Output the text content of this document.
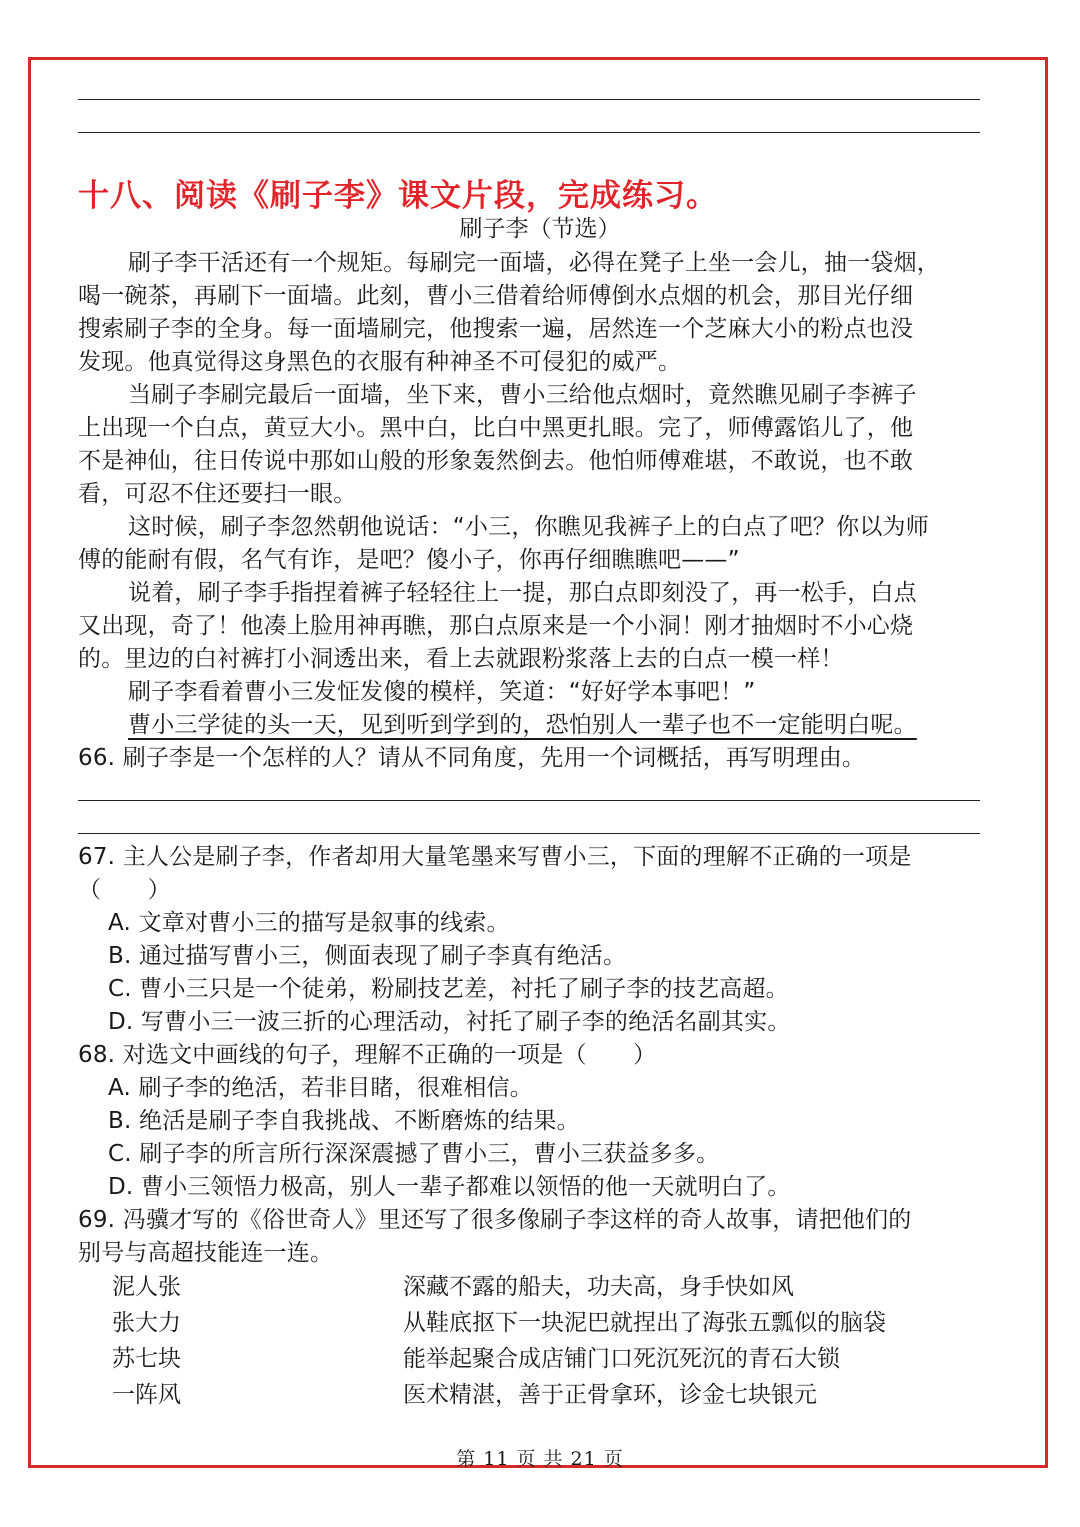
十八、阅读《刷子李》课文片段，完成练习。
刷子李（节选）
刷子李干活还有一个规矩。每刷完一面墙，必得在凳子上坐一会儿，抽一袋烟，
喝一碗茶，再刷下一面墙。此刻，曹小三借着给师傅倒水点烟的机会，那目光仔细
搜索刷子李的全身。每一面墙刷完，他搜索一遍，居然连一个芝麻大小的粉点也没
发现。他真觉得这身黑色的衣服有种神圣不可侵犯的威严。
当刷子李刷完最后一面墙，坐下来，曹小三给他点烟时，竟然瞧见刷子李裤子
上出现一个白点，黄豆大小。黑中白，比白中黑更扎眼。完了，师傅露馅儿了，他
不是神仙，往日传说中那如山般的形象轰然倒去。他怕师傅难堪，不敢说，也不敢
看，可忍不住还要扫一眼。
这时候，刷子李忽然朝他说话：“小三，你瞧见我裤子上的白点了吧？你以为师
傅的能耐有假，名气有诈，是吧？傻小子，你再仔细瞧瞧吧——”
说着，刷子李手指捏着裤子轻轻往上一提，那白点即刻没了，再一松手，白点
又出现，奇了！他凑上脸用神再瞧，那白点原来是一个小洞！刚才抽烟时不小心烧
的。里边的白衬裤打小洞透出来，看上去就跟粉浆落上去的白点一模一样！
刷子李看着曹小三发怔发傻的模样，笑道：“好好学本事吧！”
曹小三学徒的头一天，见到听到学到的，恐怕别人一辈子也不一定能明白呢。
66. 刷子李是一个怎样的人？请从不同角度，先用一个词概括，再写明理由。
67. 主人公是刷子李，作者却用大量笔墨来写曹小三，下面的理解不正确的一项是
（　　）
A. 文章对曹小三的描写是叙事的线索。
B. 通过描写曹小三，侧面表现了刷子李真有绝活。
C. 曹小三只是一个徒弟，粉刷技艺差，衬托了刷子李的技艺高超。
D. 写曹小三一波三折的心理活动，衬托了刷子李的绝活名副其实。
68. 对选文中画线的句子，理解不正确的一项是（　　）
A. 刷子李的绝活，若非目睹，很难相信。
B. 绝活是刷子李自我挑战、不断磨炼的结果。
C. 刷子李的所言所行深深震撼了曹小三，曹小三获益多多。
D. 曹小三领悟力极高，别人一辈子都难以领悟的他一天就明白了。
69. 冯骥才写的《俗世奇人》里还写了很多像刷子李这样的奇人故事，请把他们的
别号与高超技能连一连。
泥人张	深藏不露的船夫，功夫高，身手快如风
张大力	从鞋底抠下一块泥巴就捏出了海张五瓢似的脑袋
苏七块	能举起聚合成店铺门口死沉死沉的青石大锁
一阵风	医术精湛，善于正骨拿环，诊金七块银元
第 11 页 共 21 页
